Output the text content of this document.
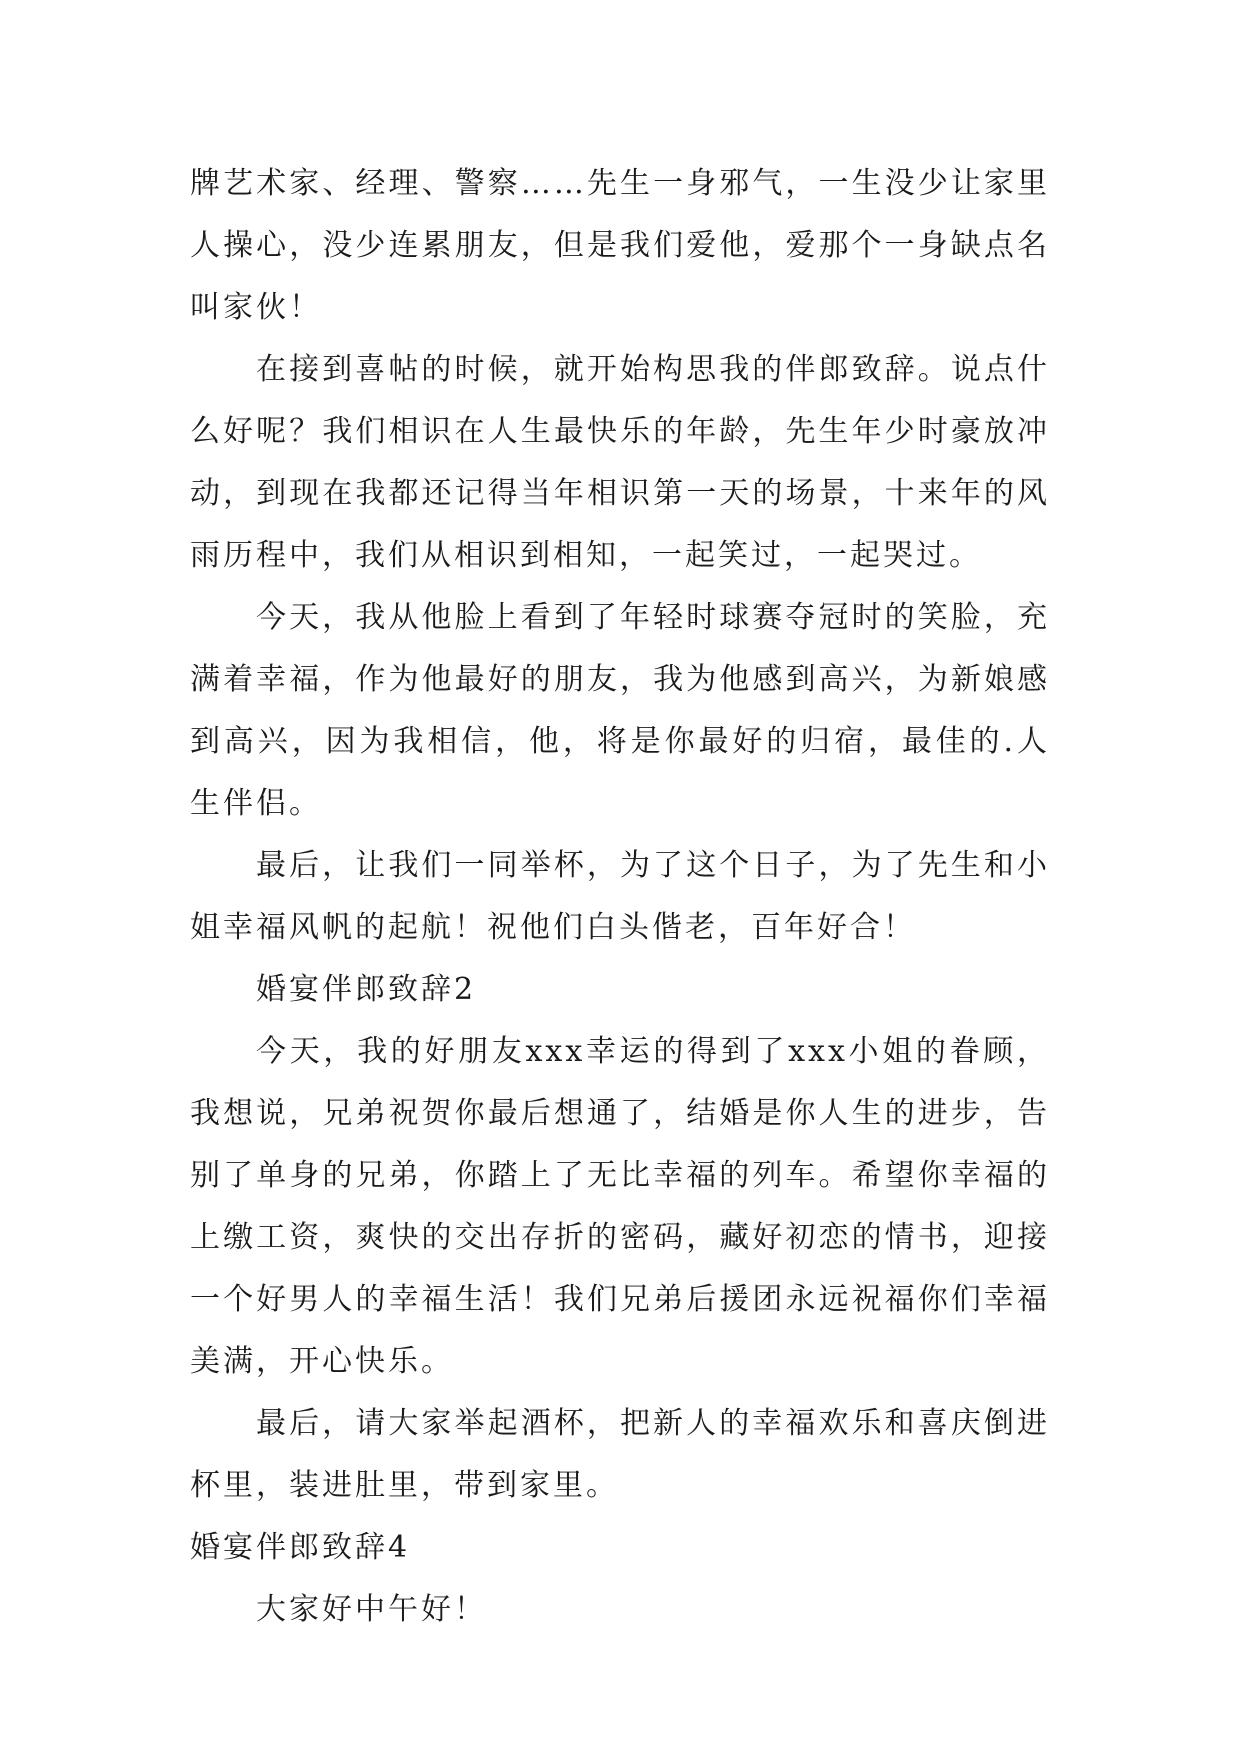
牌艺术家、经理、警察……先生一身邪气，一生没少让家里人操心，没少连累朋友，但是我们爱他，爱那个一身缺点名叫家伙！

在接到喜帖的时候，就开始构思我的伴郎致辞。说点什么好呢？我们相识在人生最快乐的年龄，先生年少时豪放冲动，到现在我都还记得当年相识第一天的场景，十来年的风雨历程中，我们从相识到相知，一起笑过，一起哭过。

今天，我从他脸上看到了年轻时球赛夺冠时的笑脸，充满着幸福，作为他最好的朋友，我为他感到高兴，为新娘感到高兴，因为我相信，他，将是你最好的归宿，最佳的.人生伴侣。

最后，让我们一同举杯，为了这个日子，为了先生和小姐幸福风帆的起航！祝他们白头偕老，百年好合！

婚宴伴郎致辞2

今天，我的好朋友xxx幸运的得到了xxx小姐的眷顾，我想说，兄弟祝贺你最后想通了，结婚是你人生的进步，告别了单身的兄弟，你踏上了无比幸福的列车。希望你幸福的上缴工资，爽快的交出存折的密码，藏好初恋的情书，迎接一个好男人的幸福生活！我们兄弟后援团永远祝福你们幸福美满，开心快乐。

最后，请大家举起酒杯，把新人的幸福欢乐和喜庆倒进杯里，装进肚里，带到家里。

婚宴伴郎致辞4

大家好中午好！
